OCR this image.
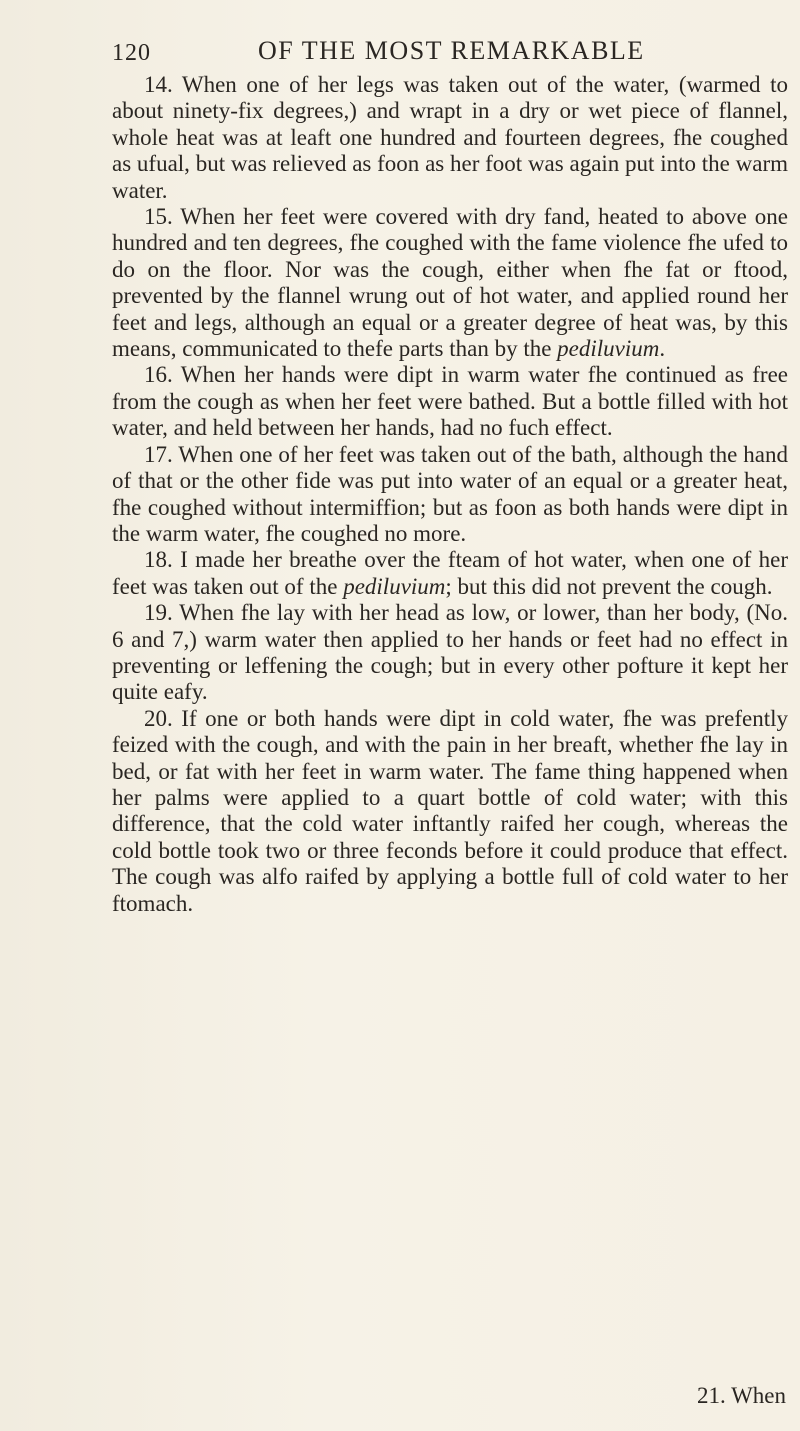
120	OF THE MOST REMARKABLE

14. When one of her legs was taken out of the water, (warmed to about ninety-fix degrees,) and wrapt in a dry or wet piece of flannel, whole heat was at leaft one hundred and fourteen degrees, fhe coughed as ufual, but was relieved as foon as her foot was again put into the warm water.

15. When her feet were covered with dry fand, heated to above one hundred and ten degrees, fhe coughed with the fame violence fhe ufed to do on the floor. Nor was the cough, either when fhe fat or ftood, prevented by the flannel wrung out of hot water, and applied round her feet and legs, although an equal or a greater degree of heat was, by this means, communicated to thefe parts than by the pediluvium.

16. When her hands were dipt in warm water fhe continued as free from the cough as when her feet were bathed. But a bottle filled with hot water, and held between her hands, had no fuch effect.

17. When one of her feet was taken out of the bath, although the hand of that or the other fide was put into water of an equal or a greater heat, fhe coughed without intermiffion; but as foon as both hands were dipt in the warm water, fhe coughed no more.

18. I made her breathe over the fteam of hot water, when one of her feet was taken out of the pediluvium; but this did not prevent the cough.

19. When fhe lay with her head as low, or lower, than her body, (No. 6 and 7,) warm water then applied to her hands or feet had no effect in preventing or leffening the cough; but in every other pofture it kept her quite eafy.

20. If one or both hands were dipt in cold water, fhe was prefently feized with the cough, and with the pain in her breaft, whether fhe lay in bed, or fat with her feet in warm water. The fame thing happened when her palms were applied to a quart bottle of cold water; with this difference, that the cold water inftantly raifed her cough, whereas the cold bottle took two or three feconds before it could produce that effect. The cough was alfo raifed by applying a bottle full of cold water to her ftomach.

21. When
